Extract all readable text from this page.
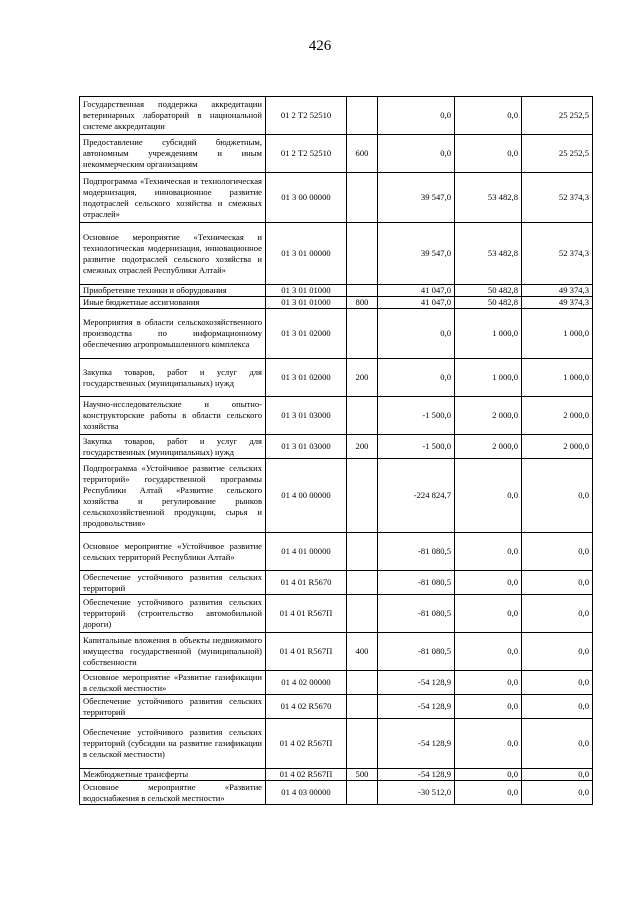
426
Государственная поддержка аккредитации ветеринарных лабораторий в национальной системе аккредитации	01 2 Т2 52510		0,0	0,0	25 252,5
Предоставление субсидий бюджетным, автономным учреждениям и иным некоммерческим организациям	01 2 Т2 52510	600	0,0	0,0	25 252,5
Подпрограмма «Техническая и технологическая модернизация, инновационное развитие подотраслей сельского хозяйства и смежных отраслей»	01 3 00 00000		39 547,0	53 482,8	52 374,3
Основное мероприятие «Техническая и технологическая модернизация, инновационное развитие подотраслей сельского хозяйства и смежных отраслей Республики Алтай»	01 3 01 00000		39 547,0	53 482,8	52 374,3
Приобретение техники и оборудования	01 3 01 01000		41 047,0	50 482,8	49 374,3
Иные бюджетные ассигнования	01 3 01 01000	800	41 047,0	50 482,8	49 374,3
Мероприятия в области сельскохозяйственного производства по информационному обеспечению агропромышленного комплекса	01 3 01 02000		0,0	1 000,0	1 000,0
Закупка товаров, работ и услуг для государственных (муниципальных) нужд	01 3 01 02000	200	0,0	1 000,0	1 000,0
Научно-исследовательские и опытно-конструкторские работы в области сельского хозяйства	01 3 01 03000		-1 500,0	2 000,0	2 000,0
Закупка товаров, работ и услуг для государственных (муниципальных) нужд	01 3 01 03000	200	-1 500,0	2 000,0	2 000,0
Подпрограмма «Устойчивое развитие сельских территорий» государственной программы Республики Алтай «Развитие сельского хозяйства и регулирование рынков сельскохозяйственной продукции, сырья и продовольствия»	01 4 00 00000		-224 824,7	0,0	0,0
Основное мероприятие «Устойчивое развитие сельских территорий Республики Алтай»	01 4 01 00000		-81 080,5	0,0	0,0
Обеспечение устойчивого развития сельских территорий	01 4 01 R5670		-81 080,5	0,0	0,0
Обеспечение устойчивого развития сельских территорий (строительство автомобильной дороги)	01 4 01 R567П		-81 080,5	0,0	0,0
Капитальные вложения в объекты недвижимого имущества государственной (муниципальной) собственности	01 4 01 R567П	400	-81 080,5	0,0	0,0
Основное мероприятие «Развитие газификации в сельской местности»	01 4 02 00000		-54 128,9	0,0	0,0
Обеспечение устойчивого развития сельских территорий	01 4 02 R5670		-54 128,9	0,0	0,0
Обеспечение устойчивого развития сельских территорий (субсидии на развитие газификации в сельской местности)	01 4 02 R567П		-54 128,9	0,0	0,0
Межбюджетные трансферты	01 4 02 R567П	500	-54 128,9	0,0	0,0
Основное мероприятие «Развитие водоснабжения в сельской местности»	01 4 03 00000		-30 512,0	0,0	0,0
